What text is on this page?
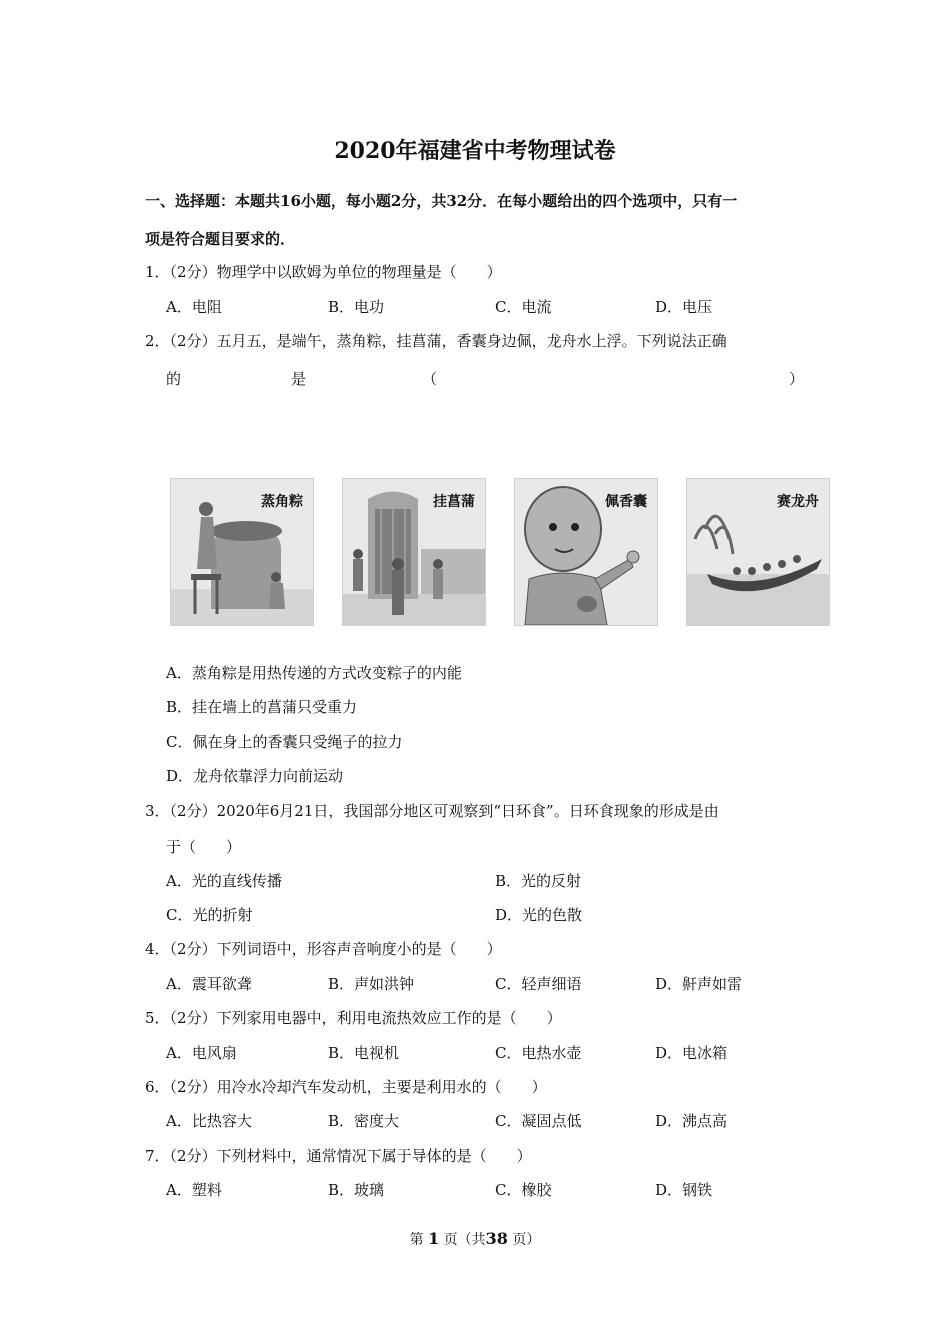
2020年福建省中考物理试卷
一、选择题：本题共16小题，每小题2分，共32分．在每小题给出的四个选项中，只有一
项是符合题目要求的．
1．（2分）物理学中以欧姆为单位的物理量是（　　）
A．电阻	B．电功	C．电流	D．电压
2．（2分）五月五，是端午，蒸角粽，挂菖蒲，香囊身边佩，龙舟水上浮。下列说法正确
的	是	（	）
蒸角粽	挂菖蒲	佩香囊	赛龙舟
A．蒸角粽是用热传递的方式改变粽子的内能
B．挂在墙上的菖蒲只受重力
C．佩在身上的香囊只受绳子的拉力
D．龙舟依靠浮力向前运动
3．（2分）2020年6月21日，我国部分地区可观察到“日环食”。日环食现象的形成是由
于（　　）
A．光的直线传播	B．光的反射
C．光的折射	D．光的色散
4．（2分）下列词语中，形容声音响度小的是（　　）
A．震耳欲聋	B．声如洪钟	C．轻声细语	D．鼾声如雷
5．（2分）下列家用电器中，利用电流热效应工作的是（　　）
A．电风扇	B．电视机	C．电热水壶	D．电冰箱
6．（2分）用冷水冷却汽车发动机，主要是利用水的（　　）
A．比热容大	B．密度大	C．凝固点低	D．沸点高
7．（2分）下列材料中，通常情况下属于导体的是（　　）
A．塑料	B．玻璃	C．橡胶	D．钢铁
第 1 页（共38 页）
